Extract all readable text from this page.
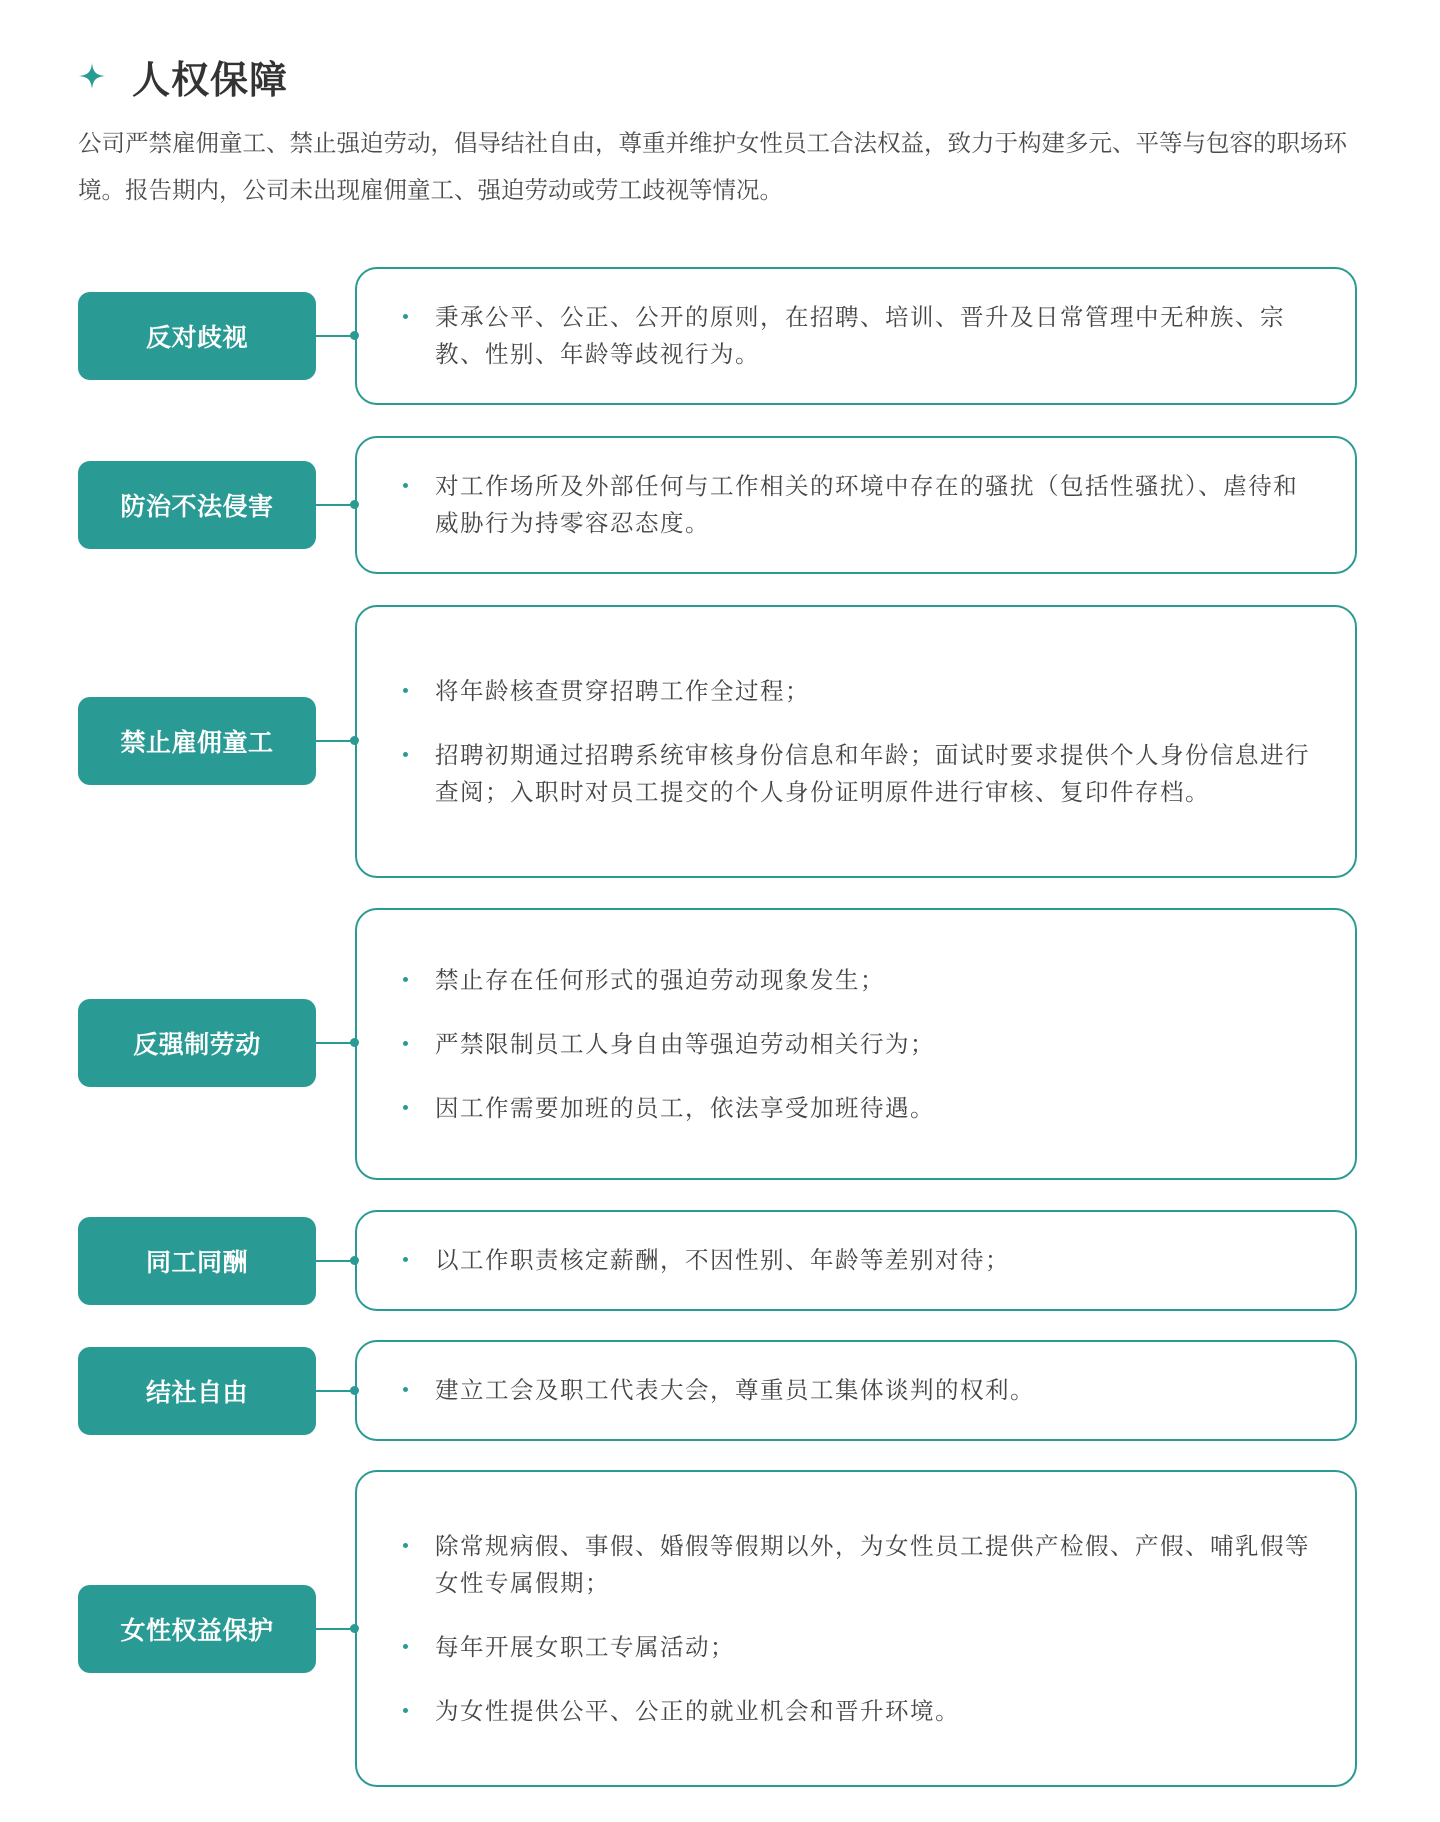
人权保障

公司严禁雇佣童工、禁止强迫劳动，倡导结社自由，尊重并维护女性员工合法权益，致力于构建多元、平等与包容的职场环境。报告期内，公司未出现雇佣童工、强迫劳动或劳工歧视等情况。

反对歧视
秉承公平、公正、公开的原则，在招聘、培训、晋升及日常管理中无种族、宗教、性别、年龄等歧视行为。
防治不法侵害
对工作场所及外部任何与工作相关的环境中存在的骚扰（包括性骚扰）、虐待和威胁行为持零容忍态度。
禁止雇佣童工
将年龄核查贯穿招聘工作全过程；
招聘初期通过招聘系统审核身份信息和年龄；面试时要求提供个人身份信息进行查阅；入职时对员工提交的个人身份证明原件进行审核、复印件存档。
反强制劳动
禁止存在任何形式的强迫劳动现象发生；
严禁限制员工人身自由等强迫劳动相关行为；
因工作需要加班的员工，依法享受加班待遇。
同工同酬	以工作职责核定薪酬，不因性别、年龄等差别对待；
结社自由	建立工会及职工代表大会，尊重员工集体谈判的权利。
女性权益保护
除常规病假、事假、婚假等假期以外，为女性员工提供产检假、产假、哺乳假等女性专属假期；
每年开展女职工专属活动；
为女性提供公平、公正的就业机会和晋升环境。
